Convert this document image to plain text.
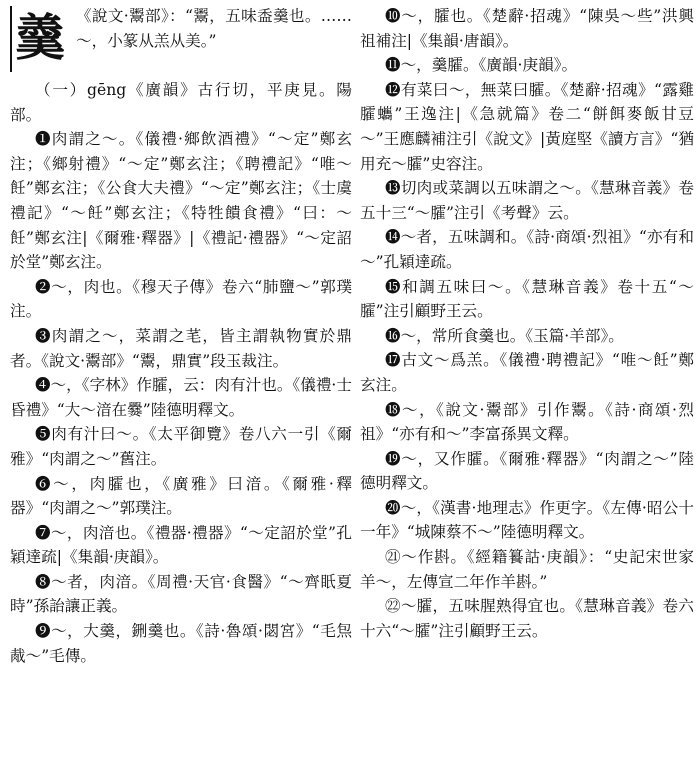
羹 《說文·鬻部》：“鬻，五味盉羹也。……～，小篆从羔从美。”

（一）gēng《廣韻》古行切，平庚見。陽部。

❶肉謂之～。《儀禮·鄉飲酒禮》“～定”鄭玄注；《鄉射禮》“～定”鄭玄注；《聘禮記》“唯～飪”鄭玄注；《公食大夫禮》“～定”鄭玄注；《士虞禮記》“～飪”鄭玄注；《特牲饋食禮》“曰：～飪”鄭玄注|《爾雅·釋器》|《禮記·禮器》“～定詔於堂”鄭玄注。

❷～，肉也。《穆天子傳》卷六“肺鹽～”郭璞注。

❸肉謂之～，菜謂之芼，皆主謂執物實於鼎者。《說文·鬻部》“鬻，鼎實”段玉裁注。

❹～，《字林》作臛，云：肉有汁也。《儀禮·士昏禮》“大～湆在爨”陸德明釋文。

❺肉有汁曰～。《太平御覽》卷八六一引《爾雅》“肉謂之～”舊注。

❻～，肉臛也，《廣雅》曰湆。《爾雅·釋器》“肉謂之～”郭璞注。

❼～，肉湆也。《禮器·禮器》“～定詔於堂”孔穎達疏|《集韻·庚韻》。

❽～者，肉湆。《周禮·天官·食醫》“～齊眂夏時”孫詒讓正義。

❾～，大羹，鉶羹也。《詩·魯頌·閟宮》“毛炰胾～”毛傳。

❿～，臛也。《楚辭·招魂》“陳吳～些”洪興祖補注|《集韻·唐韻》。

⓫～，羹臛。《廣韻·庚韻》。

⓬有菜曰～，無菜曰臛。《楚辭·招魂》“露雞臛蠵”王逸注|《急就篇》卷二“餅餌麥飯甘豆～”王應麟補注引《說文》|黃庭堅《讀方言》“猶用充～臛”史容注。

⓭切肉或菜調以五味謂之～。《慧琳音義》卷五十三“～臛”注引《考聲》云。

⓮～者，五味調和。《詩·商頌·烈祖》“亦有和～”孔穎達疏。

⓯和調五味曰～。《慧琳音義》卷十五“～臛”注引顧野王云。

⓰～，常所食羹也。《玉篇·羊部》。

⓱古文～爲羔。《儀禮·聘禮記》“唯～飪”鄭玄注。

⓲～，《說文·鬻部》引作鬻。《詩·商頌·烈祖》“亦有和～”李富孫異文釋。

⓳～，又作臛。《爾雅·釋器》“肉謂之～”陸德明釋文。

⓴～，《漢書·地理志》作更字。《左傳·昭公十一年》“城陳蔡不～”陸德明釋文。

㉑～作斟。《經籍籑詁·庚韻》：“史記宋世家羊～，左傳宣二年作羊斟。”

㉒～臛，五味腥熟得宜也。《慧琳音義》卷六十六“～臛”注引顧野王云。
